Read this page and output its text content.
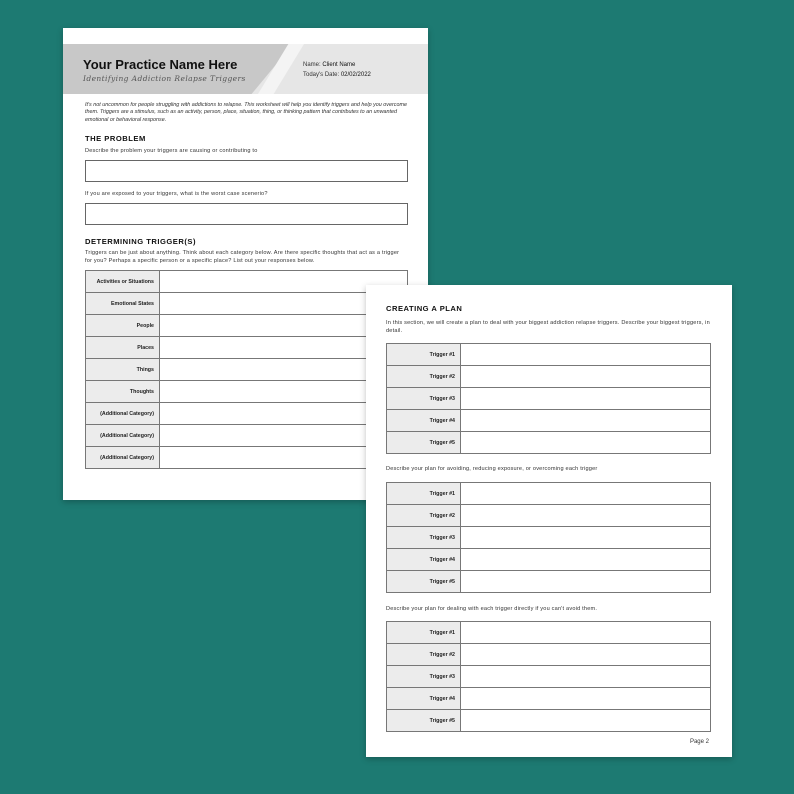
Your Practice Name Here
Identifying Addiction Relapse Triggers
Name: Client Name
Today's Date: 02/02/2022
It's not uncommon for people struggling with addictions to relapse. This worksheet will help you identify triggers and help you overcome them. Triggers are a stimulus, such as an activity, person, place, situation, thing, or thinking pattern that contributes to an unwanted emotional or behavioral response.
THE PROBLEM
Describe the problem your triggers are causing or contributing to
If you are exposed to your triggers, what is the worst case scenerio?
DETERMINING TRIGGER(S)
Triggers can be just about anything. Think about each category below. Are there specific thoughts that act as a trigger for you? Perhaps a specific person or a specific place? List out your responses below.
Activities or Situations	
Emotional States	
People	
Places	
Things	
Thoughts	
(Additional Category)	
(Additional Category)	
(Additional Category)	
CREATING A PLAN
In this section, we will create a plan to deal with your biggest addiction relapse triggers. Describe your biggest triggers, in detail.
Trigger #1	
Trigger #2	
Trigger #3	
Trigger #4	
Trigger #5	
Describe your plan for avoiding, reducing exposure, or overcoming each trigger
Trigger #1	
Trigger #2	
Trigger #3	
Trigger #4	
Trigger #5	
Describe your plan for dealing with each trigger directly if you can't avoid them.
Trigger #1	
Trigger #2	
Trigger #3	
Trigger #4	
Trigger #5	
Page 2
